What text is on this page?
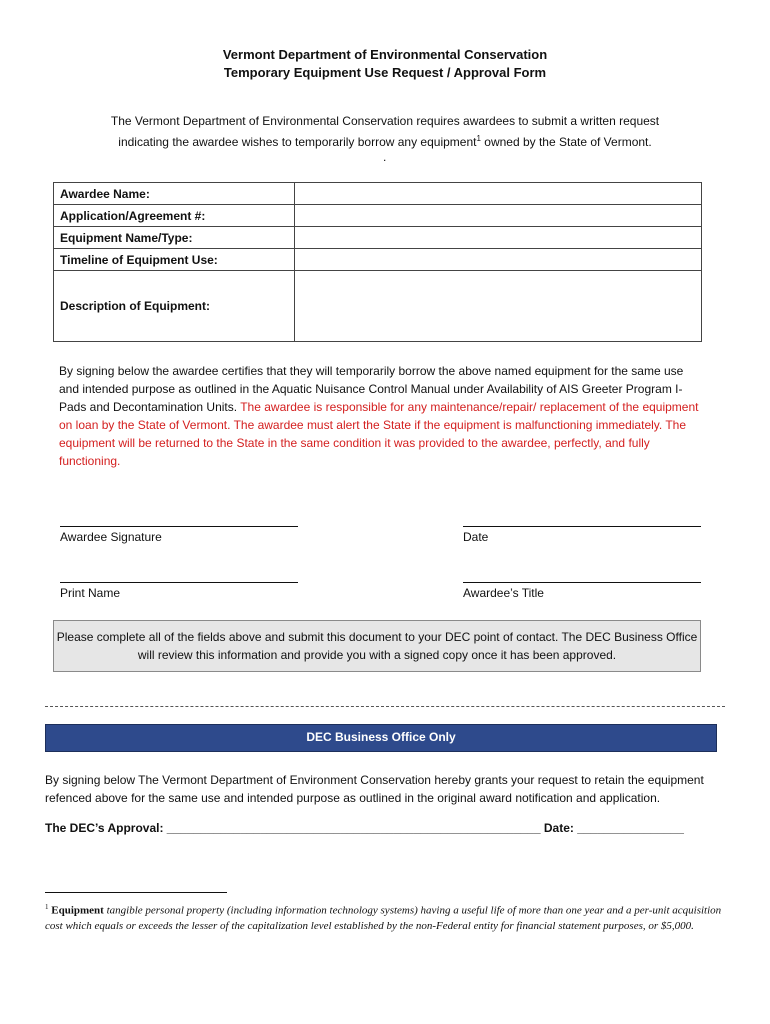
Vermont Department of Environmental Conservation
Temporary Equipment Use Request / Approval Form
The Vermont Department of Environmental Conservation requires awardees to submit a written request
indicating the awardee wishes to temporarily borrow any equipment$^1$ owned by the State of Vermont.
.
Awardee Name:	
Application/Agreement #:	
Equipment Name/Type:	
Timeline of Equipment Use:	
Description of Equipment:	
By signing below the awardee certifies that they will temporarily borrow the above named equipment for the same use and intended purpose as outlined in the Aquatic Nuisance Control Manual under Availability of AIS Greeter Program I-Pads and Decontamination Units. The awardee is responsible for any maintenance/repair/ replacement of the equipment on loan by the State of Vermont. The awardee must alert the State if the equipment is malfunctioning immediately. The equipment will be returned to the State in the same condition it was provided to the awardee, perfectly, and fully functioning.
Awardee Signature	Date
Print Name	Awardee’s Title
Please complete all of the fields above and submit this document to your DEC point of contact. The DEC Business Office will review this information and provide you with a signed copy once it has been approved.
DEC Business Office Only
By signing below The Vermont Department of Environment Conservation hereby grants your request to retain the equipment refenced above for the same use and intended purpose as outlined in the original award notification and application.
The DEC’s Approval: ________________________________________________________ Date: ________________
$^1$ Equipment tangible personal property (including information technology systems) having a useful life of more than one year and a per-unit acquisition cost which equals or exceeds the lesser of the capitalization level established by the non-Federal entity for financial statement purposes, or $5,000.
